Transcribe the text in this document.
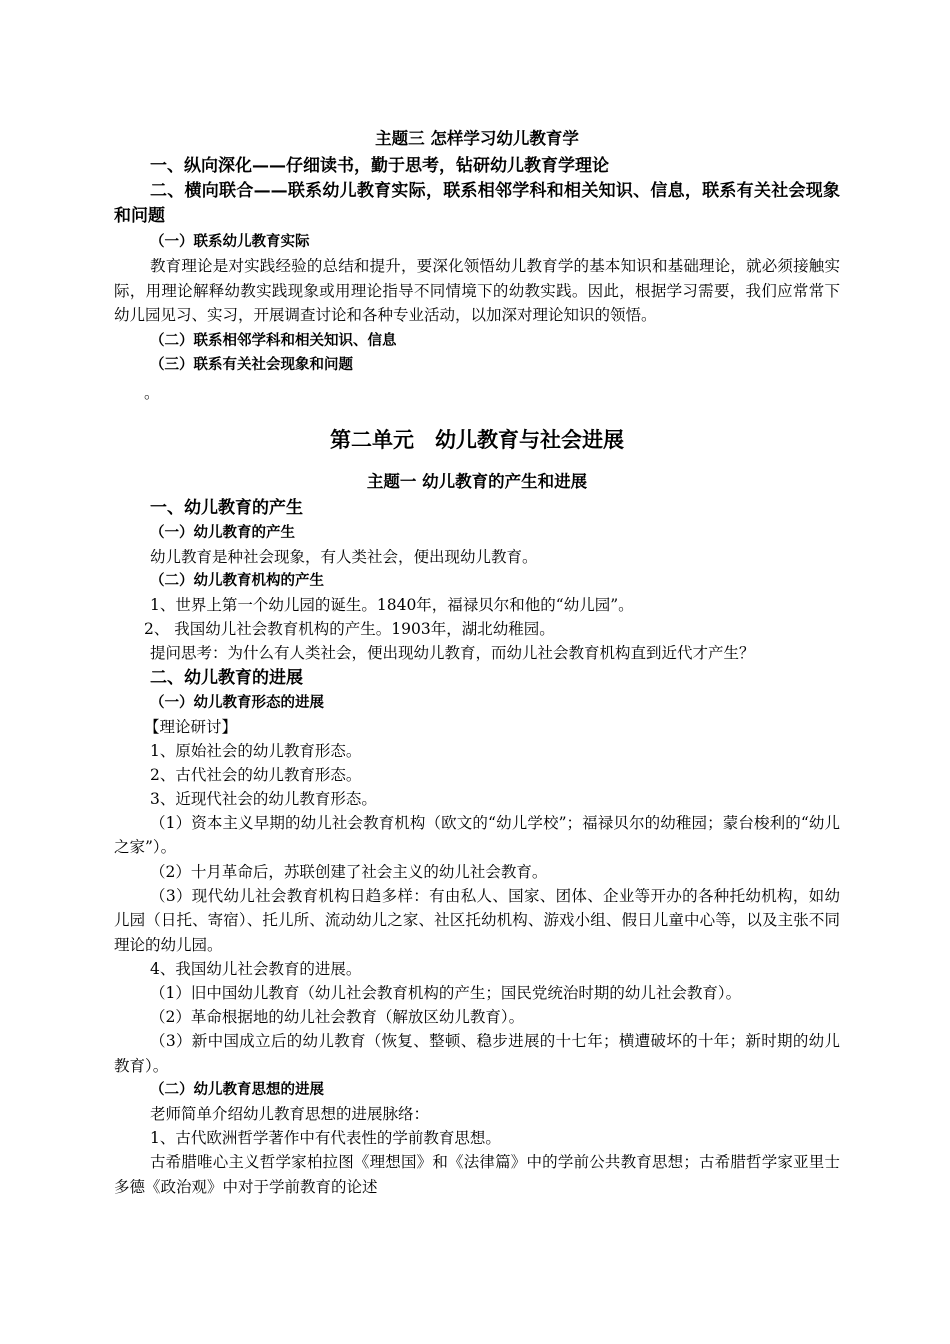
主题三 怎样学习幼儿教育学
一、纵向深化——仔细读书，勤于思考，钻研幼儿教育学理论
二、横向联合——联系幼儿教育实际，联系相邻学科和相关知识、信息，联系有关社会现象和问题
（一）联系幼儿教育实际
教育理论是对实践经验的总结和提升，要深化领悟幼儿教育学的基本知识和基础理论，就必须接触实际，用理论解释幼教实践现象或用理论指导不同情境下的幼教实践。因此，根据学习需要，我们应常常下幼儿园见习、实习，开展调查讨论和各种专业活动，以加深对理论知识的领悟。
（二）联系相邻学科和相关知识、信息
（三）联系有关社会现象和问题
。
第二单元　幼儿教育与社会进展
主题一 幼儿教育的产生和进展
一、幼儿教育的产生
（一）幼儿教育的产生
幼儿教育是种社会现象，有人类社会，便出现幼儿教育。
（二）幼儿教育机构的产生
1、世界上第一个幼儿园的诞生。1840年，福禄贝尔和他的“幼儿园”。
2、 我国幼儿社会教育机构的产生。1903年，湖北幼稚园。
提问思考：为什么有人类社会，便出现幼儿教育，而幼儿社会教育机构直到近代才产生？
二、幼儿教育的进展
（一）幼儿教育形态的进展
【理论研讨】
1、原始社会的幼儿教育形态。
2、古代社会的幼儿教育形态。
3、近现代社会的幼儿教育形态。
（1）资本主义早期的幼儿社会教育机构（欧文的“幼儿学校”；福禄贝尔的幼稚园；蒙台梭利的“幼儿之家”）。
（2）十月革命后，苏联创建了社会主义的幼儿社会教育。
（3）现代幼儿社会教育机构日趋多样：有由私人、国家、团体、企业等开办的各种托幼机构，如幼儿园（日托、寄宿）、托儿所、流动幼儿之家、社区托幼机构、游戏小组、假日儿童中心等，以及主张不同理论的幼儿园。
4、我国幼儿社会教育的进展。
（1）旧中国幼儿教育（幼儿社会教育机构的产生；国民党统治时期的幼儿社会教育）。
（2）革命根据地的幼儿社会教育（解放区幼儿教育）。
（3）新中国成立后的幼儿教育（恢复、整顿、稳步进展的十七年；横遭破坏的十年；新时期的幼儿教育）。
（二）幼儿教育思想的进展
老师简单介绍幼儿教育思想的进展脉络：
1、古代欧洲哲学著作中有代表性的学前教育思想。
古希腊唯心主义哲学家柏拉图《理想国》和《法律篇》中的学前公共教育思想；古希腊哲学家亚里士多德《政治观》中对于学前教育的论述
